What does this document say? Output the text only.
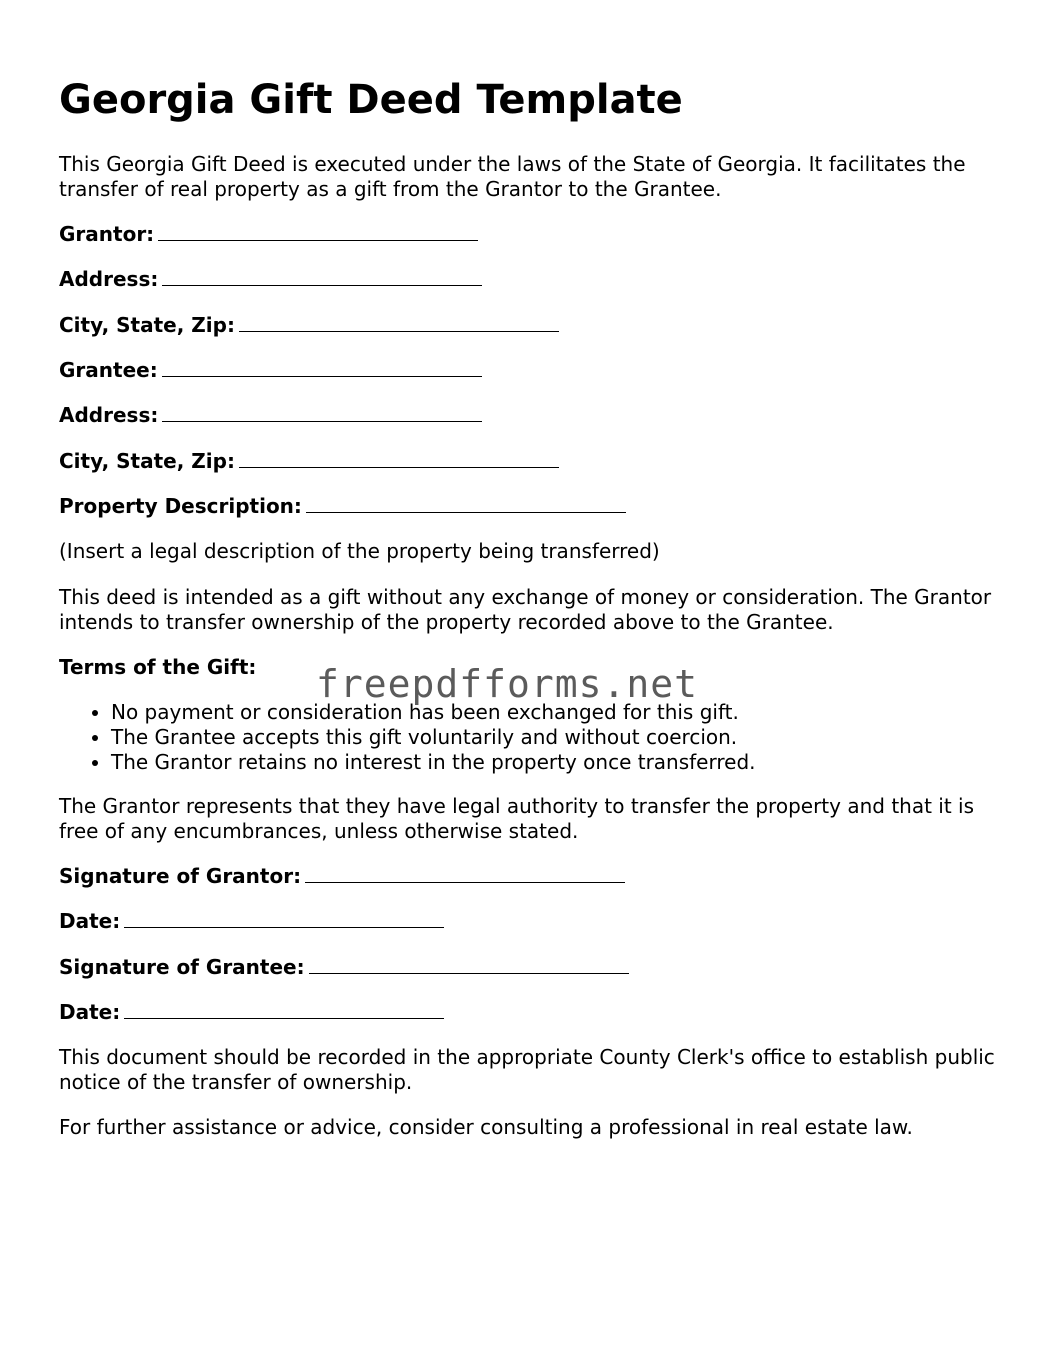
Georgia Gift Deed Template

This Georgia Gift Deed is executed under the laws of the State of Georgia. It facilitates the transfer of real property as a gift from the Grantor to the Grantee.

Grantor:
Address:
City, State, Zip:
Grantee:
Address:
City, State, Zip:
Property Description:

(Insert a legal description of the property being transferred)

This deed is intended as a gift without any exchange of money or consideration. The Grantor intends to transfer ownership of the property recorded above to the Grantee.

Terms of the Gift:
• No payment or consideration has been exchanged for this gift.
• The Grantee accepts this gift voluntarily and without coercion.
• The Grantor retains no interest in the property once transferred.

The Grantor represents that they have legal authority to transfer the property and that it is free of any encumbrances, unless otherwise stated.

Signature of Grantor:
Date:
Signature of Grantee:
Date:

This document should be recorded in the appropriate County Clerk's office to establish public notice of the transfer of ownership.

For further assistance or advice, consider consulting a professional in real estate law.

freepdfforms.net
